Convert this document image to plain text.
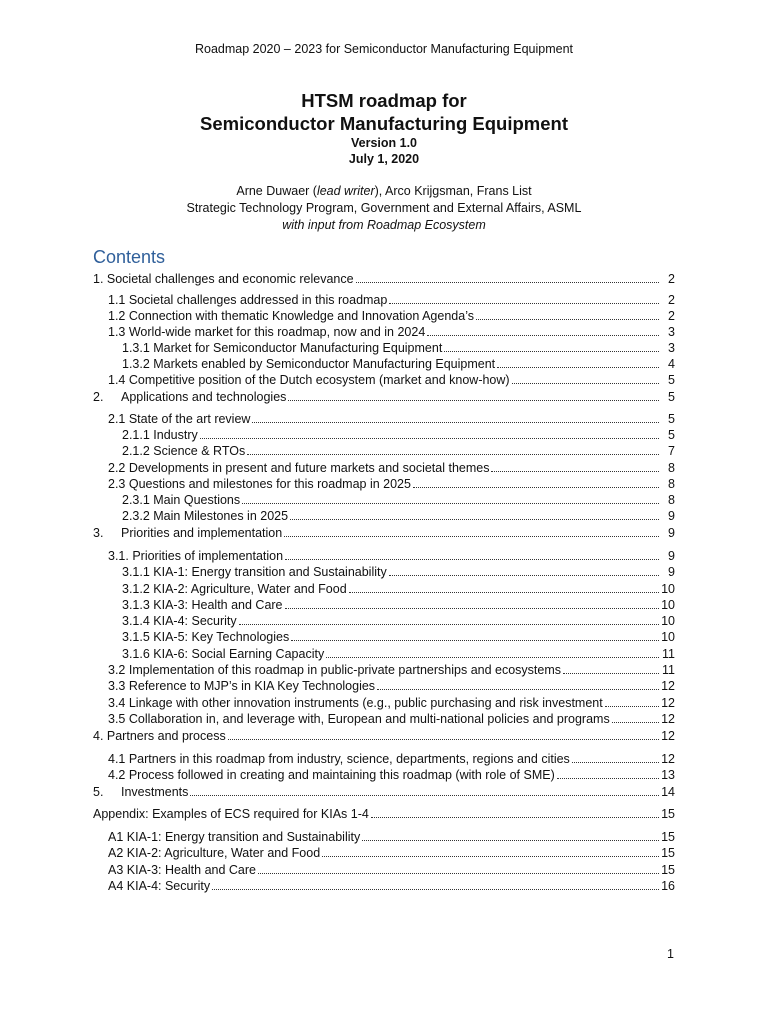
Roadmap 2020 – 2023 for Semiconductor Manufacturing Equipment
HTSM roadmap for
Semiconductor Manufacturing Equipment
Version 1.0
July 1, 2020
Arne Duwaer (lead writer), Arco Krijgsman, Frans List
Strategic Technology Program, Government and External Affairs, ASML
with input from Roadmap Ecosystem
Contents
1. Societal challenges and economic relevance	2
1.1 Societal challenges addressed in this roadmap	2
1.2 Connection with thematic Knowledge and Innovation Agenda’s	2
1.3 World-wide market for this roadmap, now and in 2024	3
1.3.1 Market for Semiconductor Manufacturing Equipment	3
1.3.2 Markets enabled by Semiconductor Manufacturing Equipment	4
1.4 Competitive position of the Dutch ecosystem (market and know-how)	5
2.	Applications and technologies	5
2.1 State of the art review	5
2.1.1 Industry	5
2.1.2 Science & RTOs	7
2.2 Developments in present and future markets and societal themes	8
2.3 Questions and milestones for this roadmap in 2025	8
2.3.1 Main Questions	8
2.3.2 Main Milestones in 2025	9
3.	Priorities and implementation	9
3.1. Priorities of implementation	9
3.1.1 KIA-1: Energy transition and Sustainability	9
3.1.2 KIA-2: Agriculture, Water and Food	10
3.1.3 KIA-3: Health and Care	10
3.1.4 KIA-4: Security	10
3.1.5 KIA-5: Key Technologies	10
3.1.6 KIA-6: Social Earning Capacity	11
3.2 Implementation of this roadmap in public-private partnerships and ecosystems	11
3.3 Reference to MJP’s in KIA Key Technologies	12
3.4 Linkage with other innovation instruments (e.g., public purchasing and risk investment	12
3.5 Collaboration in, and leverage with, European and multi-national policies and programs	12
4. Partners and process	12
4.1 Partners in this roadmap from industry, science, departments, regions and cities	12
4.2 Process followed in creating and maintaining this roadmap (with role of SME)	13
5.	Investments	14
Appendix: Examples of ECS required for KIAs 1-4	15
A1 KIA-1: Energy transition and Sustainability	15
A2 KIA-2: Agriculture, Water and Food	15
A3 KIA-3: Health and Care	15
A4 KIA-4: Security	16
1
